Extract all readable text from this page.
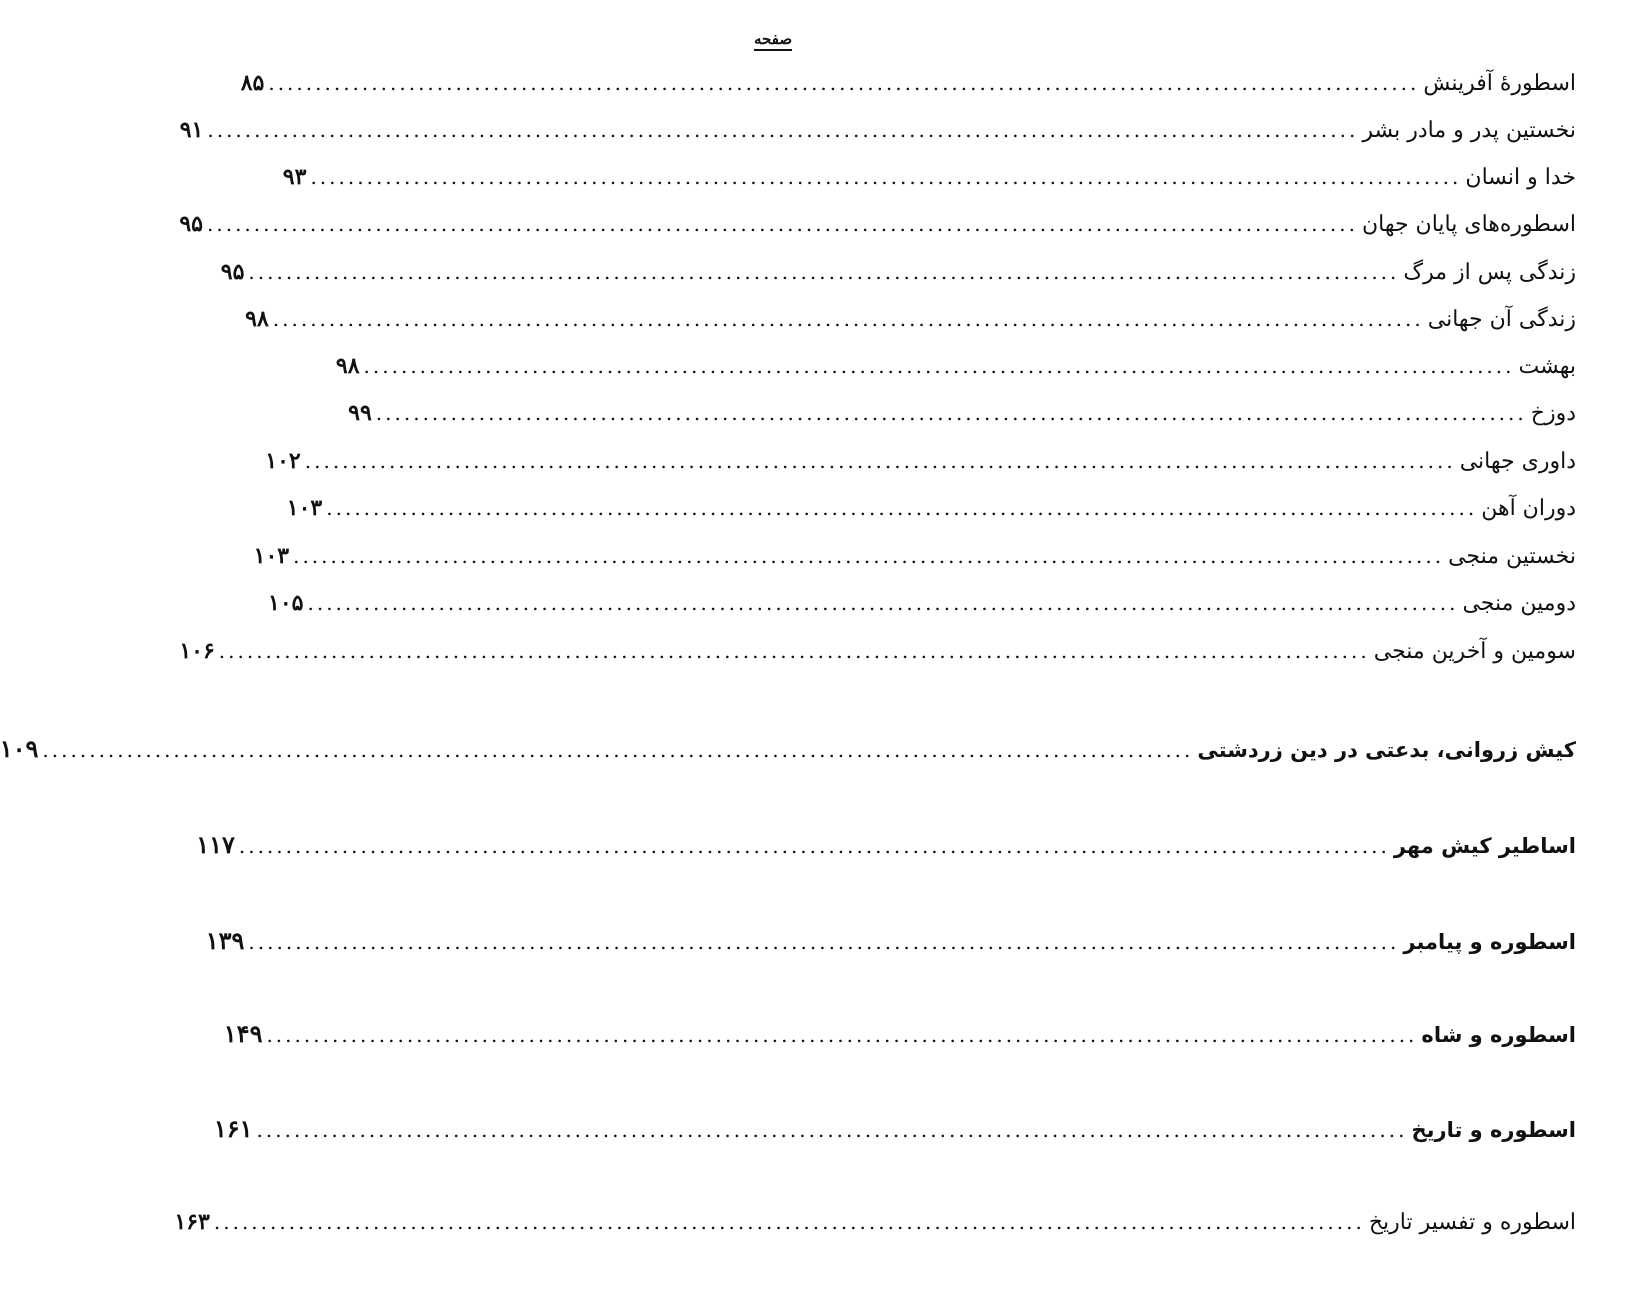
صفحه
اسطورهٔ آفرینش
...........................................................................................................................
۸۵
نخستین پدر و مادر بشر
...........................................................................................................................
۹۱
خدا و انسان
...........................................................................................................................
۹۳
اسطوره‌های پایان جهان
...........................................................................................................................
۹۵
زندگی پس از مرگ
...........................................................................................................................
۹۵
زندگی آن جهانی
...........................................................................................................................
۹۸
بهشت
...........................................................................................................................
۹۸
دوزخ
...........................................................................................................................
۹۹
داوری جهانی
...........................................................................................................................
۱۰۲
دوران آهن
...........................................................................................................................
۱۰۳
نخستین منجی
...........................................................................................................................
۱۰۳
دومین منجی
...........................................................................................................................
۱۰۵
سومین و آخرین منجی
...........................................................................................................................
۱۰۶
کیش زروانی، بدعتی در دین زردشتی
...........................................................................................................................
۱۰۹
اساطیر کیش مهر
...........................................................................................................................
۱۱۷
اسطوره و پیامبر
...........................................................................................................................
۱۳۹
اسطوره و شاه
...........................................................................................................................
۱۴۹
اسطوره و تاریخ
...........................................................................................................................
۱۶۱
اسطوره و تفسیر تاریخ
...........................................................................................................................
۱۶۳
